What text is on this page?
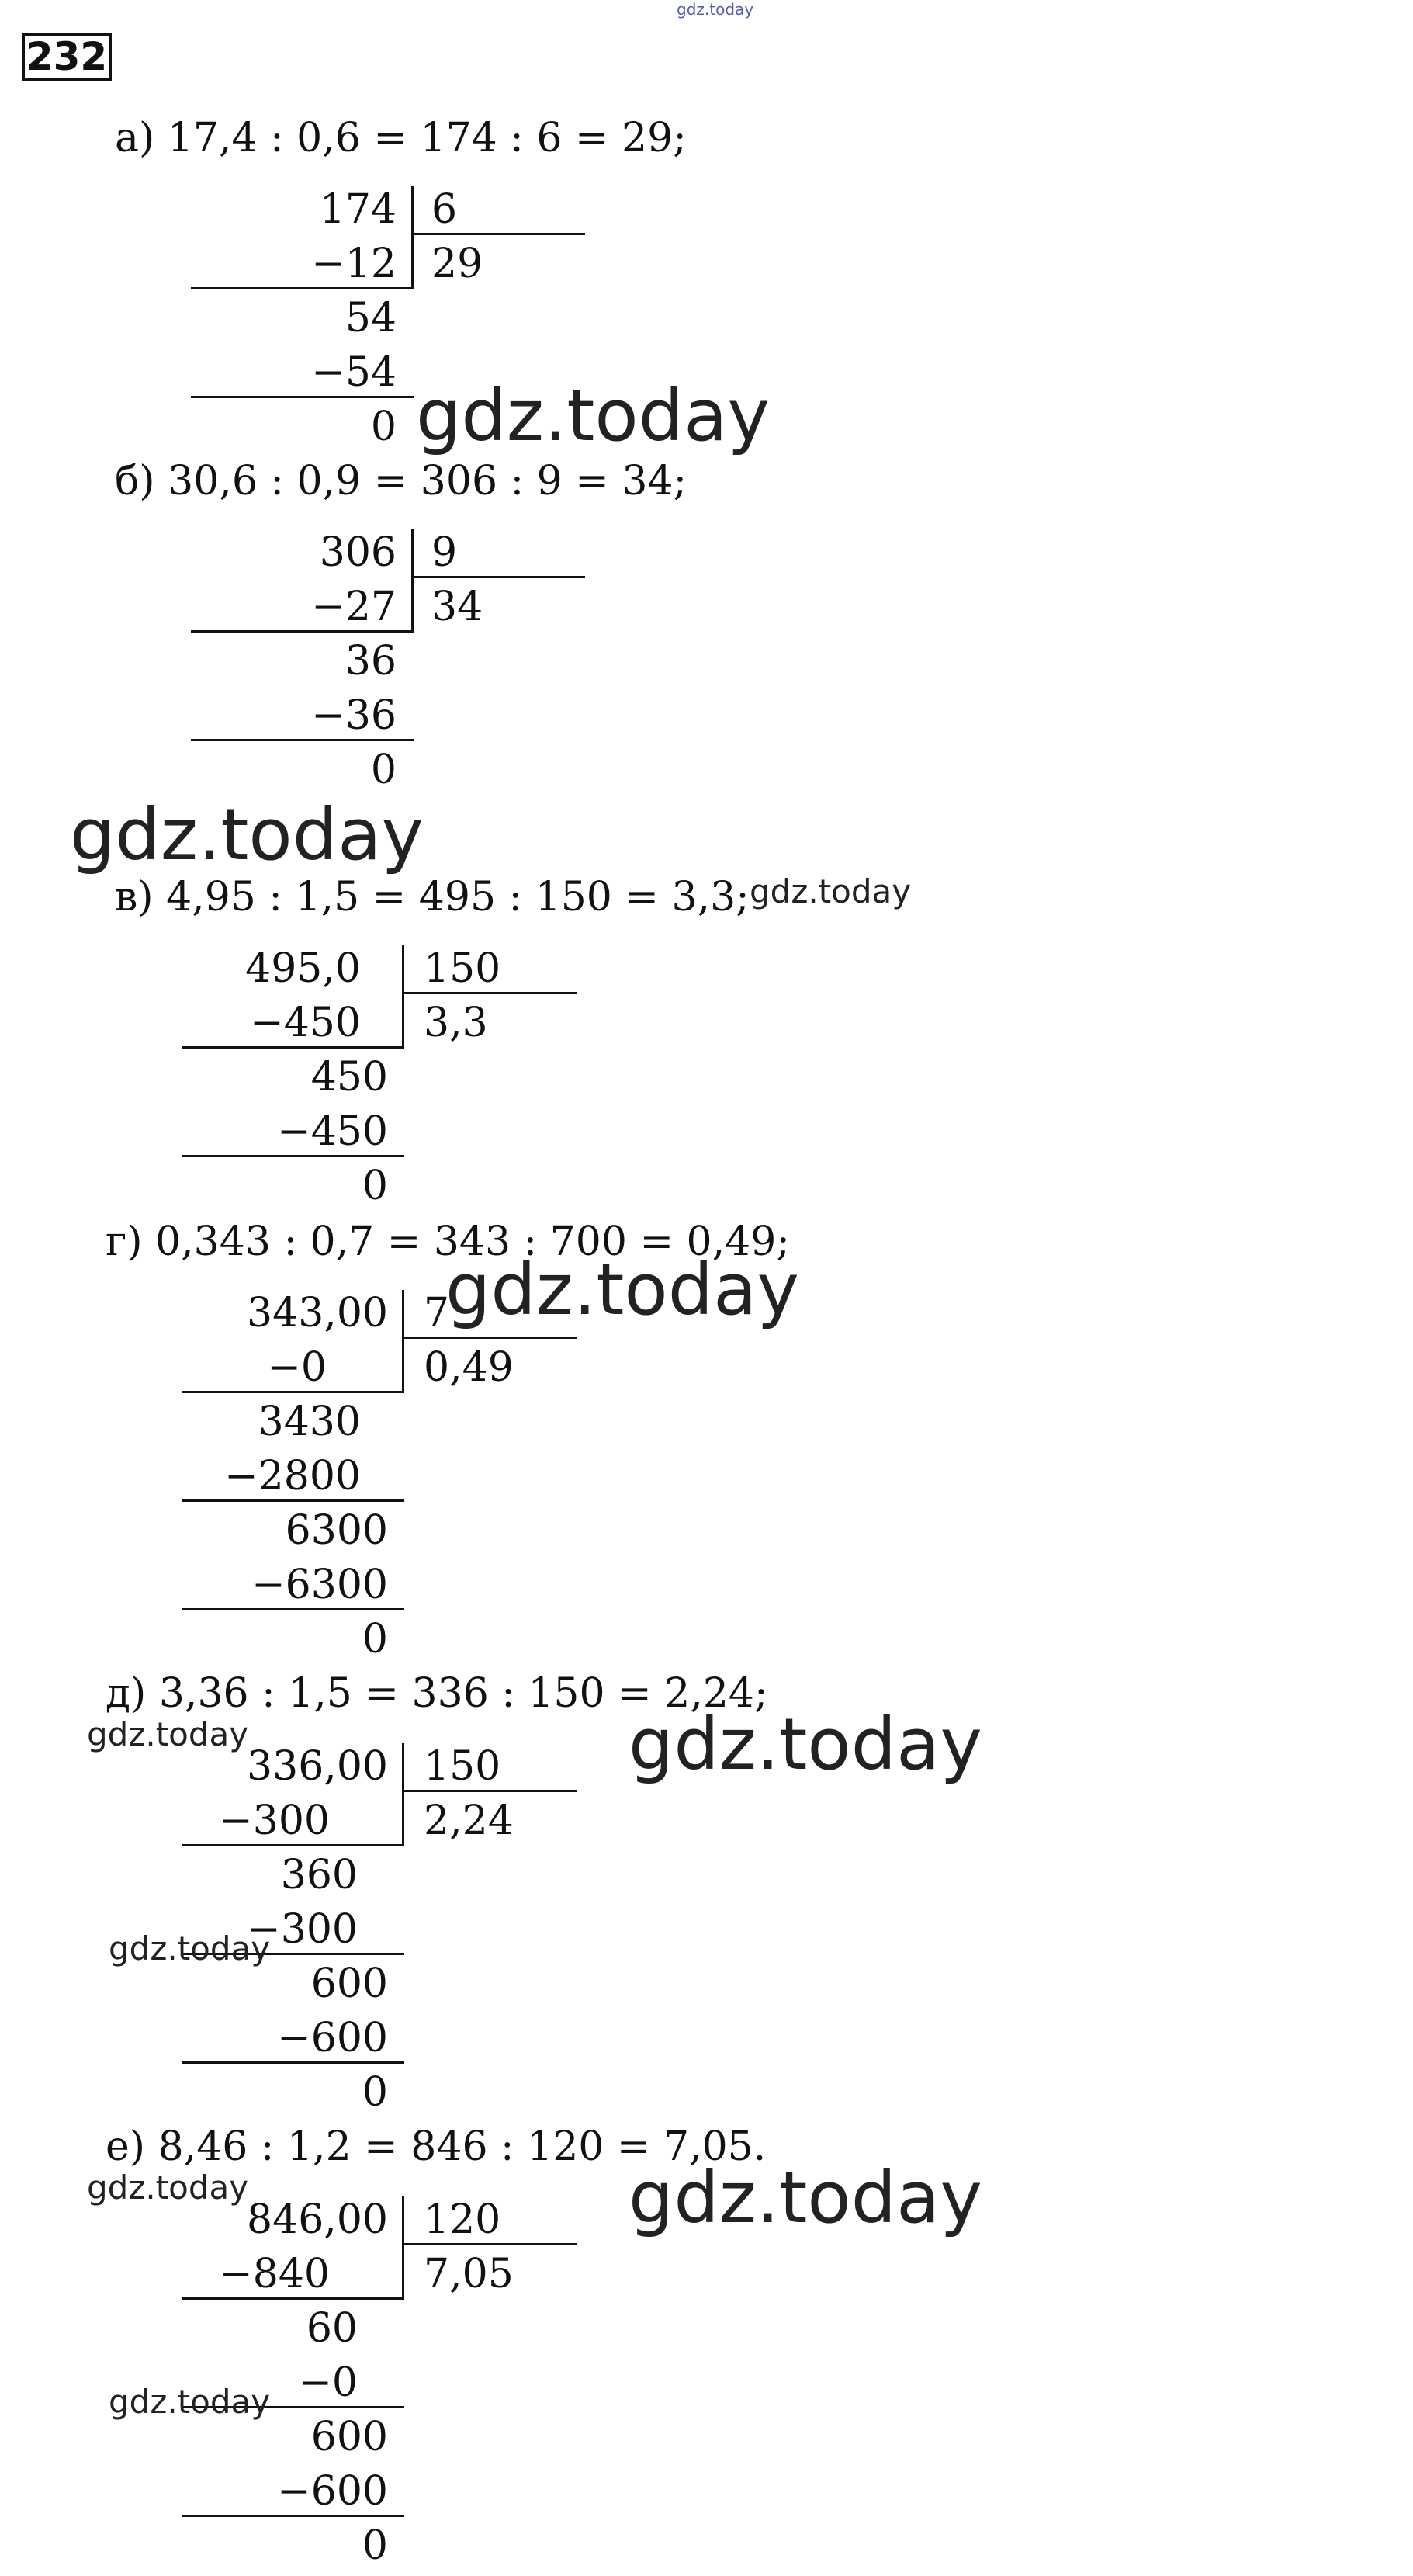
gdz.today
232
а) 17,4 : 0,6 = 174 : 6 = 29;
174 6
29
−12
54
−54
0 gdz.today
б) 30,6 : 0,9 = 306 : 9 = 34;
306 9
34
−27
36
−36
0
gdz.today
в) 4,95 : 1,5 = 495 : 150 = 3,3; gdz.today
495,0 150
3,3
−450
450
−450
0
г) 0,343 : 0,7 = 343 : 700 = 0,49;
343,00 7
0,49
−0
3430
−2800
6300
−6300
0
gdz.today
д) 3,36 : 1,5 = 336 : 150 = 2,24;
gdz.today	gdz.today
336,00 150
2,24
−300
360
−300
600
−600
0
gdz.today
е) 8,46 : 1,2 = 846 : 120 = 7,05.
gdz.today	gdz.today
846,00 120
7,05
−840
60
−0
600
−600
0
gdz.today
